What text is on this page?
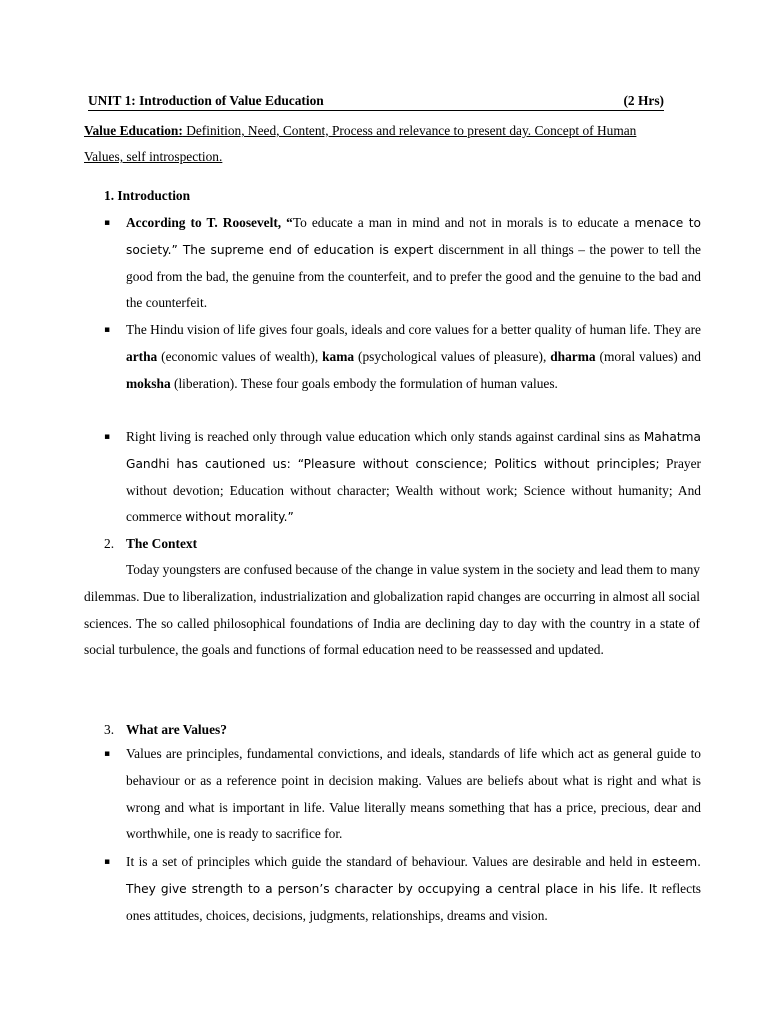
UNIT 1: Introduction of Value Education	(2 Hrs)
Value Education: Definition, Need, Content, Process and relevance to present day. Concept of Human Values, self introspection.
1. Introduction
▪ According to T. Roosevelt, “To educate a man in mind and not in morals is to educate a menace to society.” The supreme end of education is expert discernment in all things – the power to tell the good from the bad, the genuine from the counterfeit, and to prefer the good and the genuine to the bad and the counterfeit.
▪ The Hindu vision of life gives four goals, ideals and core values for a better quality of human life. They are artha (economic values of wealth), kama (psychological values of pleasure), dharma (moral values) and moksha (liberation). These four goals embody the formulation of human values.
▪ Right living is reached only through value education which only stands against cardinal sins as Mahatma Gandhi has cautioned us: “Pleasure without conscience; Politics without principles; Prayer without devotion; Education without character; Wealth without work; Science without humanity; And commerce without morality.”
2. The Context
Today youngsters are confused because of the change in value system in the society and lead them to many dilemmas. Due to liberalization, industrialization and globalization rapid changes are occurring in almost all social sciences. The so called philosophical foundations of India are declining day to day with the country in a state of social turbulence, the goals and functions of formal education need to be reassessed and updated.
3. What are Values?
▪ Values are principles, fundamental convictions, and ideals, standards of life which act as general guide to behaviour or as a reference point in decision making. Values are beliefs about what is right and what is wrong and what is important in life. Value literally means something that has a price, precious, dear and worthwhile, one is ready to sacrifice for.
▪ It is a set of principles which guide the standard of behaviour. Values are desirable and held in esteem. They give strength to a person’s character by occupying a central place in his life. It reflects ones attitudes, choices, decisions, judgments, relationships, dreams and vision.
